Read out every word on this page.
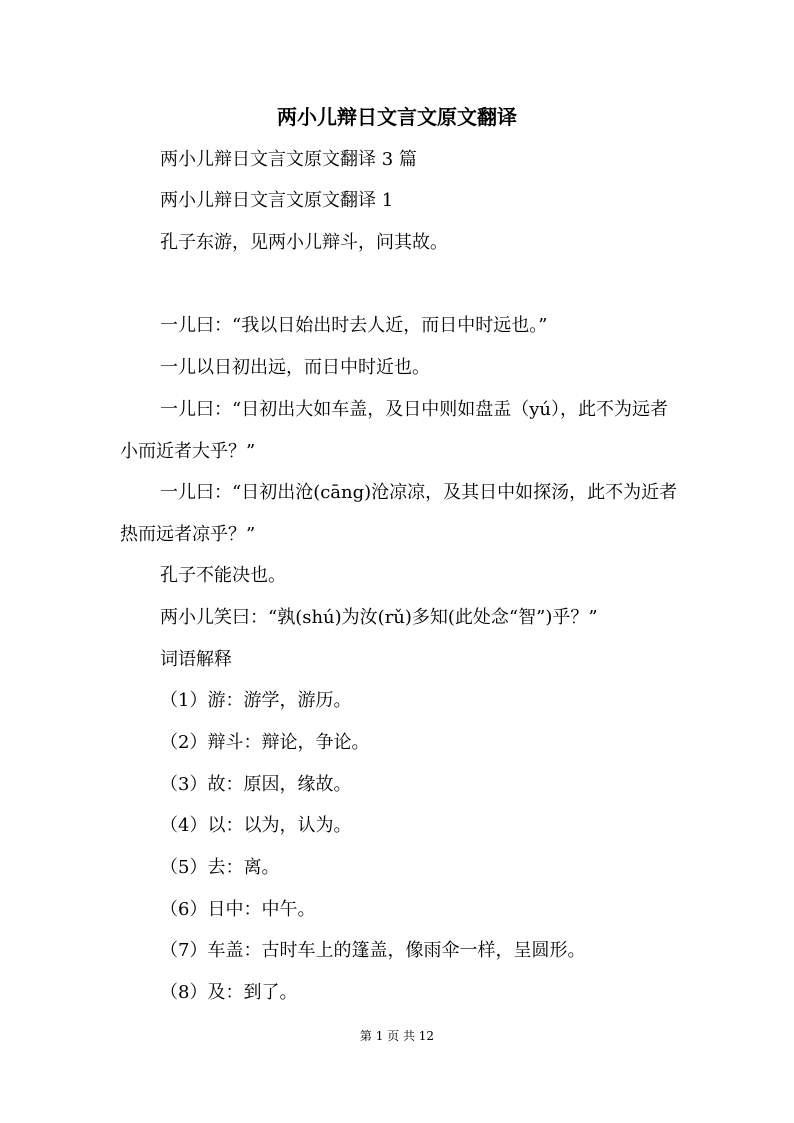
两小儿辩日文言文原文翻译
两小儿辩日文言文原文翻译 3 篇
两小儿辩日文言文原文翻译 1
孔子东游，见两小儿辩斗，问其故。
一儿曰：“我以日始出时去人近，而日中时远也。”
一儿以日初出远，而日中时近也。
一儿曰：“日初出大如车盖，及日中则如盘盂（yú），此不为远者小而近者大乎？”
一儿曰：“日初出沧(cāng)沧凉凉，及其日中如探汤，此不为近者热而远者凉乎？”
孔子不能决也。
两小儿笑曰：“孰(shú)为汝(rǔ)多知(此处念“智”)乎？”
词语解释
（1）游：游学，游历。
（2）辩斗：辩论，争论。
（3）故：原因，缘故。
（4）以：以为，认为。
（5）去：离。
（6）日中：中午。
（7）车盖：古时车上的篷盖，像雨伞一样，呈圆形。
（8）及：到了。
第 1 页 共 12
